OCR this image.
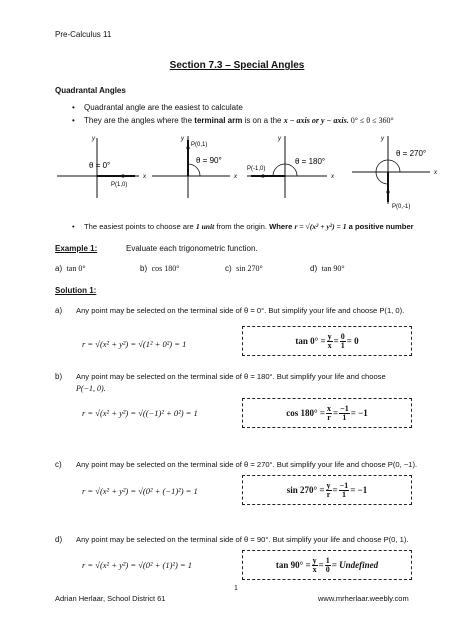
Pre-Calculus 11
Section 7.3 – Special Angles
Quadrantal Angles
• Quadrantal angle are the easiest to calculate
• They are the angles where the terminal arm is on a the x − axis or y − axis. 0° ≤ θ ≤ 360°
x
y
θ = 0°
P(1,0)
x
y
θ = 90°
P(0,1)
x
y
θ = 180°
P(-1,0)
x
y
θ = 270°
P(0,-1)
• The easiest points to choose are 1 unit from the origin. Where r = √(x² + y²) = 1 a positive number
Example 1:	Evaluate each trigonometric function.
a) tan 0°	b) cos 180°	c) sin 270°	d) tan 90°
Solution 1:
a) Any point may be selected on the terminal side of θ = 0°. But simplify your life and choose P(1, 0).
r = √(x² + y²) = √(1² + 0²) = 1	$\tan 0^\circ = \frac{y}{x} = \frac{0}{1} = 0$
b) Any point may be selected on the terminal side of θ = 180°. But simplify your life and choose
P(−1, 0).
r = √(x² + y²) = √((−1)² + 0²) = 1	$\cos 180^\circ = \frac{x}{r} = \frac{-1}{1} = -1$
c) Any point may be selected on the terminal side of θ = 270°. But simplify your life and choose P(0, −1).
r = √(x² + y²) = √(0² + (−1)²) = 1	$\sin 270^\circ = \frac{y}{r} = \frac{-1}{1} = -1$
d) Any point may be selected on the terminal side of θ = 90°. But simplify your life and choose P(0, 1).
r = √(x² + y²) = √(0² + (1)²) = 1	$\tan 90^\circ = \frac{y}{x} = \frac{1}{0}$ = Undefined
1
Adrian Herlaar, School District 61	www.mrherlaar.weebly.com
